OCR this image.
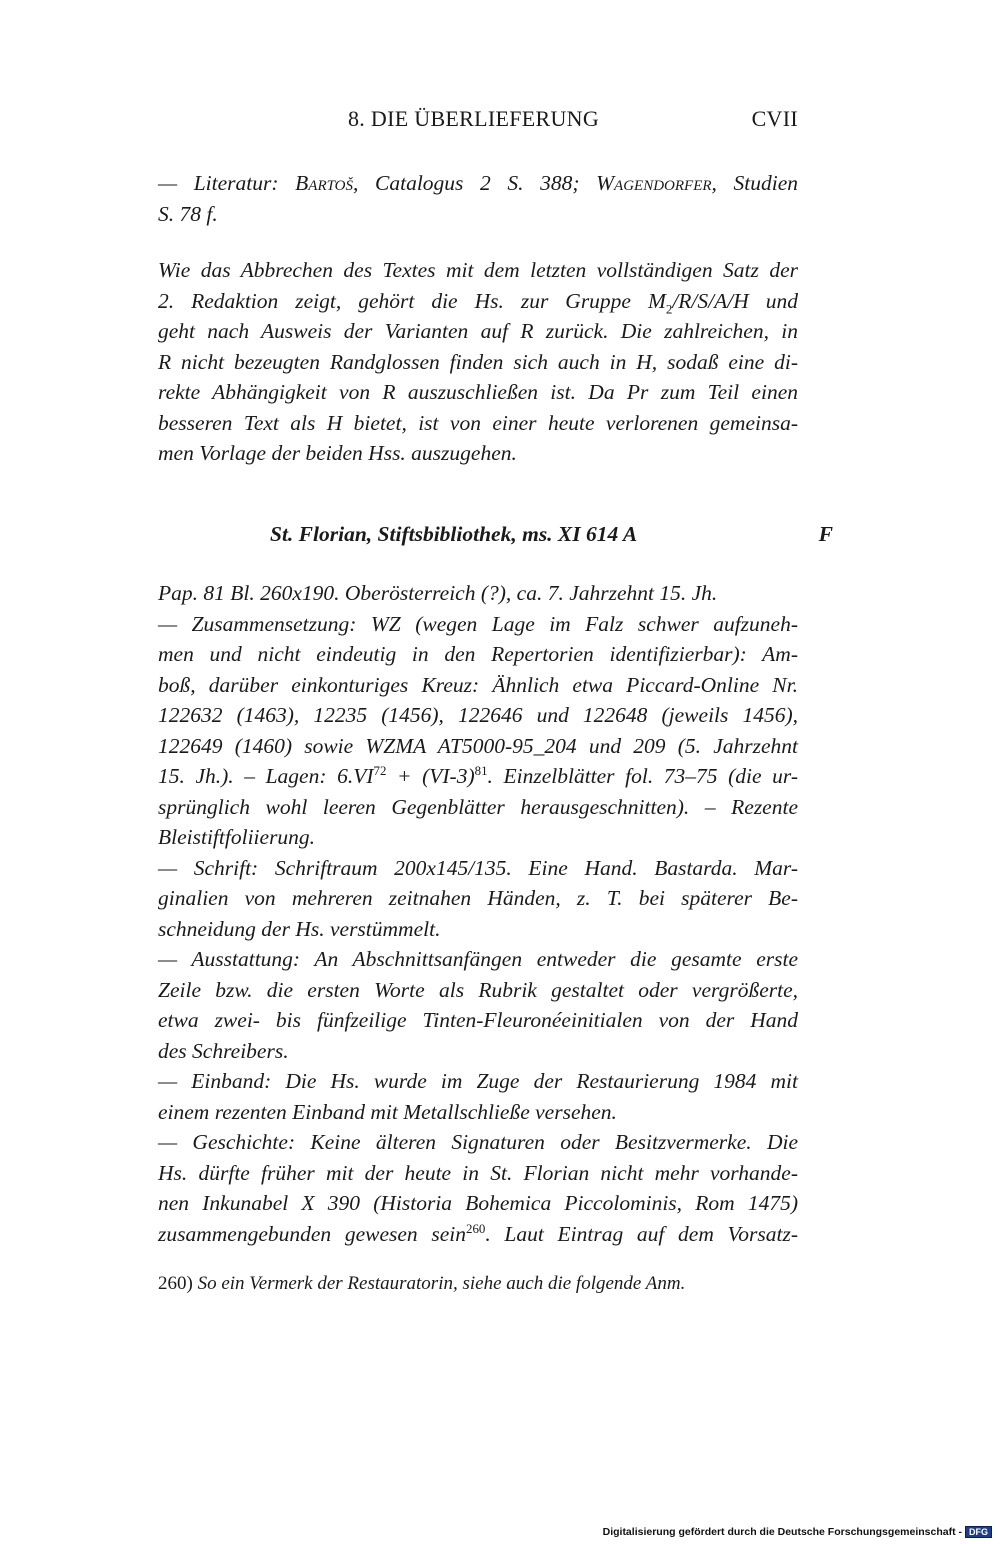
8. DIE ÜBERLIEFERUNG	CVII
— Literatur: Bartoš, Catalogus 2 S. 388; Wagendorfer, Studien
S. 78 f.
Wie das Abbrechen des Textes mit dem letzten vollständigen Satz der
2. Redaktion zeigt, gehört die Hs. zur Gruppe $M_2/R/S/A/H$ und
geht nach Ausweis der Varianten auf R zurück. Die zahlreichen, in
R nicht bezeugten Randglossen finden sich auch in H, sodaß eine di-
rekte Abhängigkeit von R auszuschließen ist. Da Pr zum Teil einen
besseren Text als H bietet, ist von einer heute verlorenen gemeinsa-
men Vorlage der beiden Hss. auszugehen.
St. Florian, Stiftsbibliothek, ms. XI 614 A	F
Pap. 81 Bl. 260x190. Oberösterreich (?), ca. 7. Jahrzehnt 15. Jh.
— Zusammensetzung: WZ (wegen Lage im Falz schwer aufzuneh-
men und nicht eindeutig in den Repertorien identifizierbar): Am-
boß, darüber einkonturiges Kreuz: Ähnlich etwa Piccard-Online Nr.
122632 (1463), 12235 (1456), 122646 und 122648 (jeweils 1456),
122649 (1460) sowie WZMA AT5000-95_204 und 209 (5. Jahrzehnt
15. Jh.). – Lagen: $6.VI^{72} + (VI-3)^{81}$. Einzelblätter fol. 73–75 (die ur-
sprünglich wohl leeren Gegenblätter herausgeschnitten). – Rezente
Bleistiftfoliierung.
— Schrift: Schriftraum 200x145/135. Eine Hand. Bastarda. Mar-
ginalien von mehreren zeitnahen Händen, z. T. bei späterer Be-
schneidung der Hs. verstümmelt.
— Ausstattung: An Abschnittsanfängen entweder die gesamte erste
Zeile bzw. die ersten Worte als Rubrik gestaltet oder vergrößerte,
etwa zwei- bis fünfzeilige Tinten-Fleuronéeinitialen von der Hand
des Schreibers.
— Einband: Die Hs. wurde im Zuge der Restaurierung 1984 mit
einem rezenten Einband mit Metallschließe versehen.
— Geschichte: Keine älteren Signaturen oder Besitzvermerke. Die
Hs. dürfte früher mit der heute in St. Florian nicht mehr vorhande-
nen Inkunabel X 390 (Historia Bohemica Piccolominis, Rom 1475)
zusammengebunden gewesen sein$^{260}$. Laut Eintrag auf dem Vorsatz-
260) So ein Vermerk der Restauratorin, siehe auch die folgende Anm.
Digitalisierung gefördert durch die Deutsche Forschungsgemeinschaft - DFG
